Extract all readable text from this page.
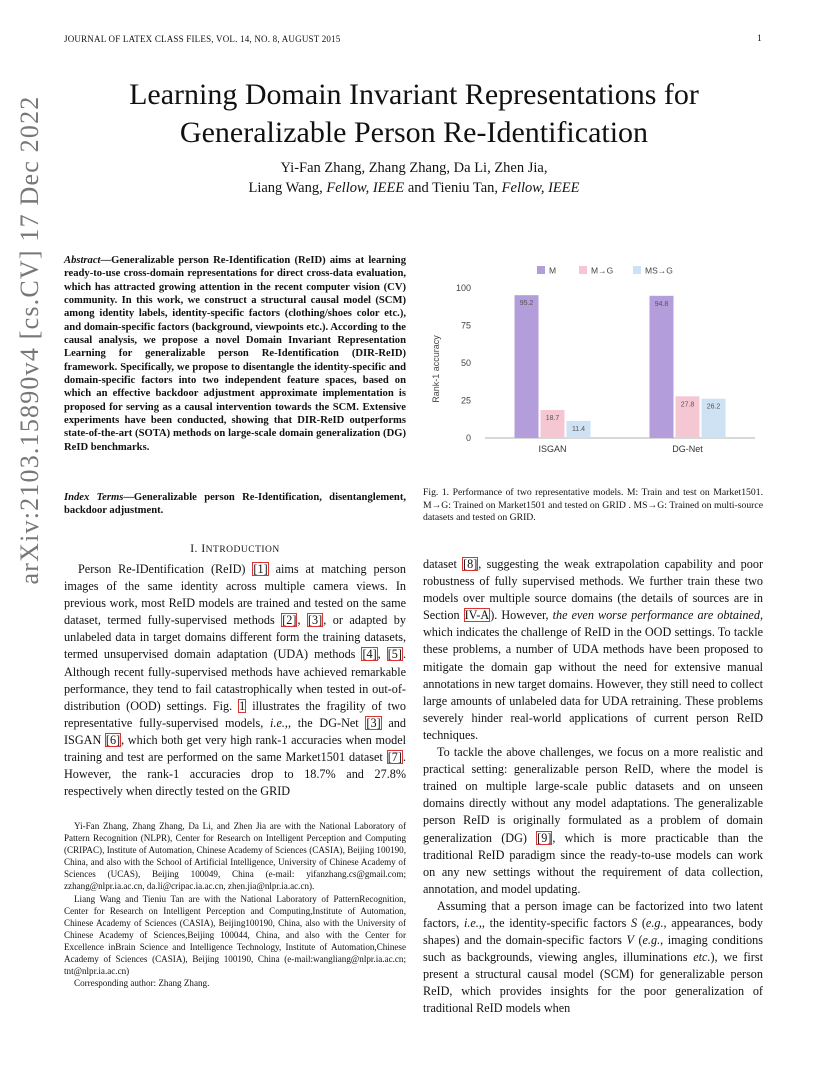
JOURNAL OF LATEX CLASS FILES, VOL. 14, NO. 8, AUGUST 2015	1
Learning Domain Invariant Representations for
Generalizable Person Re-Identification
Yi-Fan Zhang, Zhang Zhang, Da Li, Zhen Jia,
Liang Wang, Fellow, IEEE and Tieniu Tan, Fellow, IEEE
arXiv:2103.15890v4 [cs.CV] 17 Dec 2022	Abstract—Generalizable person Re-Identification (ReID) aims at learning ready-to-use cross-domain representations for direct cross-data evaluation, which has attracted growing attention in the recent computer vision (CV) community. In this work, we construct a structural causal model (SCM) among identity labels, identity-specific factors (clothing/shoes color etc.), and domain-specific factors (background, viewpoints etc.). According to the causal analysis, we propose a novel Domain Invariant Representation Learning for generalizable person Re-Identification (DIR-ReID) framework. Specifically, we propose to disentangle the identity-specific and domain-specific factors into two independent feature spaces, based on which an effective backdoor adjustment approximate implementation is proposed for serving as a causal intervention towards the SCM. Extensive experiments have been conducted, showing that DIR-ReID outperforms state-of-the-art (SOTA) methods on large-scale domain generalization (DG) ReID benchmarks.
Index Terms—Generalizable person Re-Identification, disentanglement, backdoor adjustment.
I. INTRODUCTION

Person Re-IDentification (ReID) [1] aims at matching person images of the same identity across multiple camera views. In previous work, most ReID models are trained and tested on the same dataset, termed fully-supervised methods [2], [3], or adapted by unlabeled data in target domains different form the training datasets, termed unsupervised domain adaptation (UDA) methods [4], [5]. Although recent fully-supervised methods have achieved remarkable performance, they tend to fail catastrophically when tested in out-of-distribution (OOD) settings. Fig. 1 illustrates the fragility of two representative fully-supervised models, i.e.,, the DG-Net [3] and ISGAN [6], which both get very high rank-1 accuracies when model training and test are performed on the same Market1501 dataset [7]. However, the rank-1 accuracies drop to 18.7% and 27.8% respectively when directly tested on the GRID

Yi-Fan Zhang, Zhang Zhang, Da Li, and Zhen Jia are with the National Laboratory of Pattern Recognition (NLPR), Center for Research on Intelligent Perception and Computing (CRIPAC), Institute of Automation, Chinese Academy of Sciences (CASIA), Beijing 100190, China, and also with the School of Artificial Intelligence, University of Chinese Academy of Sciences (UCAS), Beijing 100049, China (e-mail: yifanzhang.cs@gmail.com; zzhang@nlpr.ia.ac.cn, da.li@cripac.ia.ac.cn, zhen.jia@nlpr.ia.ac.cn).

Liang Wang and Tieniu Tan are with the National Laboratory of PatternRecognition, Center for Research on Intelligent Perception and Computing,Institute of Automation, Chinese Academy of Sciences (CASIA), Beijing100190, China, also with the University of Chinese Academy of Sciences,Beijing 100044, China, and also with the Center for Excellence inBrain Science and Intelligence Technology, Institute of Automation,Chinese Academy of Sciences (CASIA), Beijing 100190, China (e-mail:wangliang@nlpr.ia.ac.cn; tnt@nlpr.ia.ac.cn)

Corresponding author: Zhang Zhang.

M	M→G	MS→G
0
25
50
75
100
95.2
18.7
11.4
94.8
27.8 26.2
ISGAN	DG-Net
Rank-1 accuracy
Fig. 1. Performance of two representative models. M: Train and test on Market1501. M→G: Trained on Market1501 and tested on GRID . MS→G: Trained on multi-source datasets and tested on GRID.

dataset [8], suggesting the weak extrapolation capability and poor robustness of fully supervised methods. We further train these two models over multiple source domains (the details of sources are in Section IV-A). However, the even worse performance are obtained, which indicates the challenge of ReID in the OOD settings. To tackle these problems, a number of UDA methods have been proposed to mitigate the domain gap without the need for extensive manual annotations in new target domains. However, they still need to collect large amounts of unlabeled data for UDA retraining. These problems severely hinder real-world applications of current person ReID techniques.

To tackle the above challenges, we focus on a more realistic and practical setting: generalizable person ReID, where the model is trained on multiple large-scale public datasets and on unseen domains directly without any model adaptations. The generalizable person ReID is originally formulated as a problem of domain generalization (DG) [9], which is more practicable than the traditional ReID paradigm since the ready-to-use models can work on any new settings without the requirement of data collection, annotation, and model updating.

Assuming that a person image can be factorized into two latent factors, i.e.,, the identity-specific factors S (e.g., appearances, body shapes) and the domain-specific factors V (e.g., imaging conditions such as backgrounds, viewing angles, illuminations etc.), we first present a structural causal model (SCM) for generalizable person ReID, which provides insights for the poor generalization of traditional ReID models when
